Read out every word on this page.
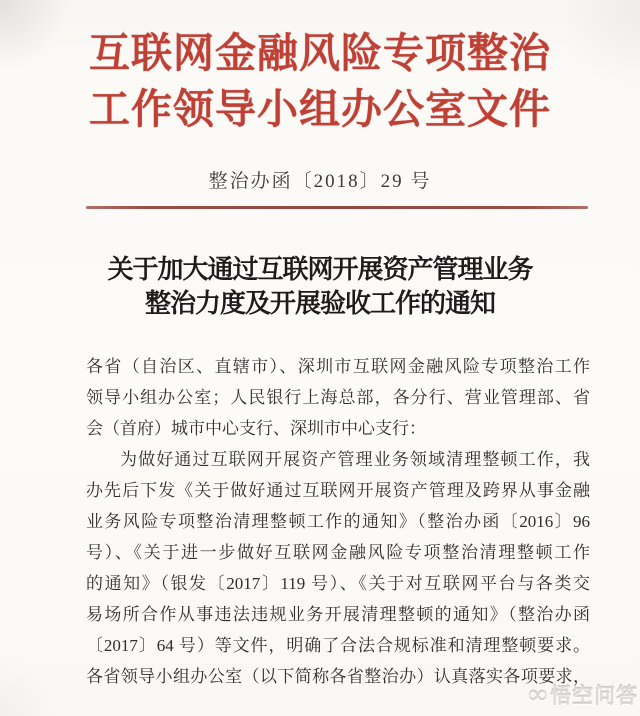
互联网金融风险专项整治
工作领导小组办公室文件
整治办函〔2018〕29 号
关于加大通过互联网开展资产管理业务
整治力度及开展验收工作的通知
各省（自治区、直辖市）、深圳市互联网金融风险专项整治工作
领导小组办公室；人民银行上海总部，各分行、营业管理部、省
会（首府）城市中心支行、深圳市中心支行：
为做好通过互联网开展资产管理业务领域清理整顿工作，我
办先后下发《关于做好通过互联网开展资产管理及跨界从事金融
业务风险专项整治清理整顿工作的通知》（整治办函〔2016〕96
号）、《关于进一步做好互联网金融风险专项整治清理整顿工作
的通知》（银发〔2017〕119 号）、《关于对互联网平台与各类交
易场所合作从事违法违规业务开展清理整顿的通知》（整治办函
〔2017〕64 号）等文件，明确了合法合规标准和清理整顿要求。
各省领导小组办公室（以下简称各省整治办）认真落实各项要求，
∞ 悟空问答
